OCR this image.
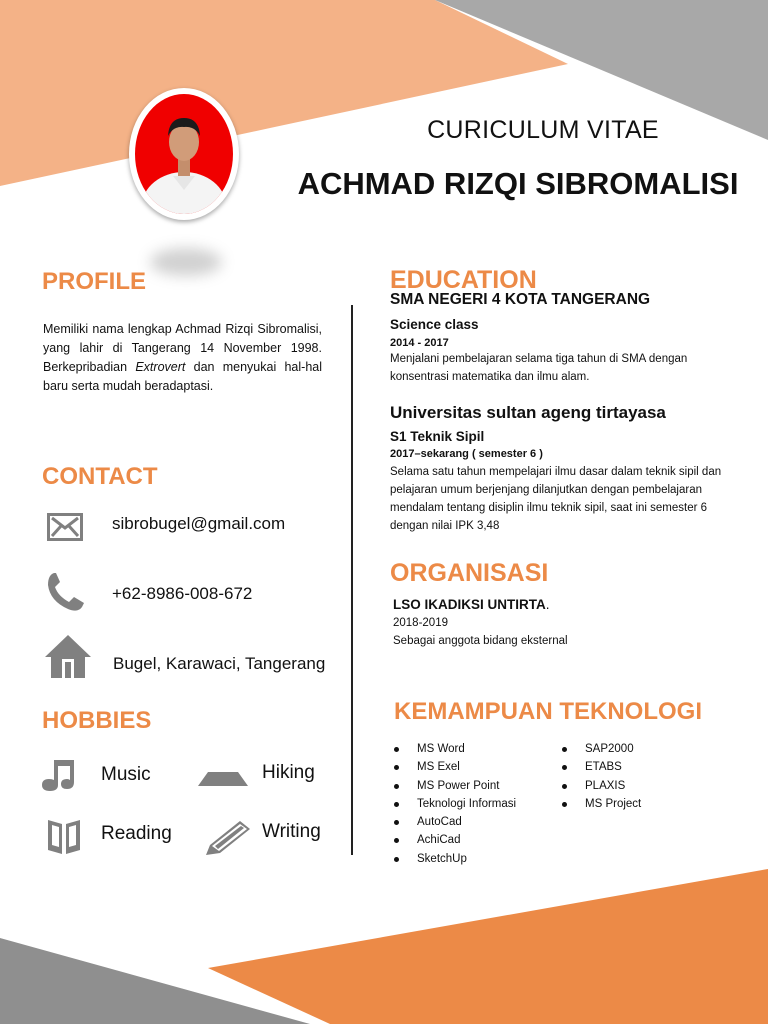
CURICULUM VITAE
ACHMAD RIZQI SIBROMALISI
PROFILE

Memiliki nama lengkap Achmad Rizqi Sibromalisi, yang lahir di Tangerang 14 November 1998. Berkepribadian Extrovert dan menyukai hal-hal baru serta mudah beradaptasi.

CONTACT
sibrobugel@gmail.com
+62-8986-008-672
Bugel, Karawaci, Tangerang
HOBBIES
Music	Hiking
Reading	Writing
EDUCATION
SMA NEGERI 4 KOTA TANGERANG
Science class
2014 - 2017
Menjalani pembelajaran selama tiga tahun di SMA dengan konsentrasi matematika dan ilmu alam.
Universitas sultan ageng tirtayasa
S1 Teknik Sipil
2017–sekarang ( semester 6 )
Selama satu tahun mempelajari ilmu dasar dalam teknik sipil dan pelajaran umum berjenjang dilanjutkan dengan pembelajaran mendalam tentang disiplin ilmu teknik sipil, saat ini semester 6 dengan nilai IPK 3,48
ORGANISASI
LSO IKADIKSI UNTIRTA.
2018-2019
Sebagai anggota bidang eksternal
KEMAMPUAN TEKNOLOGI
MS Word
MS Exel
MS Power Point
Teknologi Informasi
AutoCad
AchiCad
SketchUp
SAP2000
ETABS
PLAXIS
MS Project
